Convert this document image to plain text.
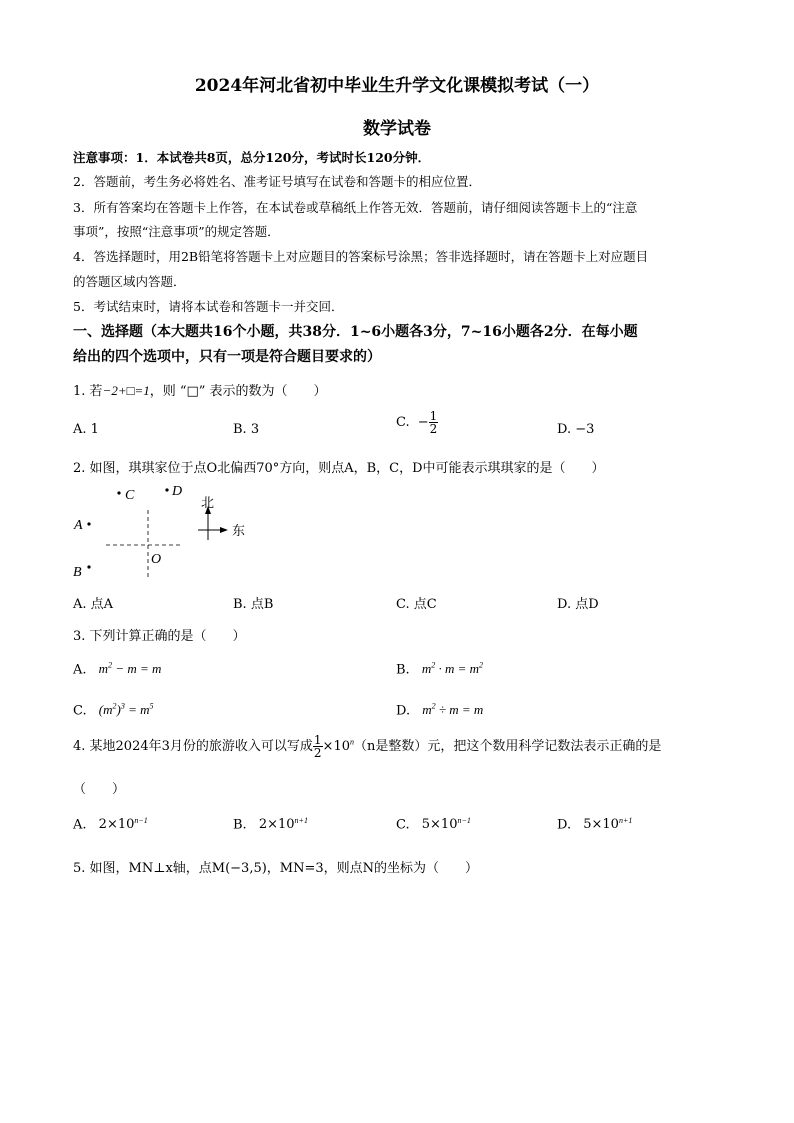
2024年河北省初中毕业生升学文化课模拟考试（一）
数学试卷
注意事项：1．本试卷共8页，总分120分，考试时长120分钟．
2．答题前，考生务必将姓名、准考证号填写在试卷和答题卡的相应位置．
3．所有答案均在答题卡上作答，在本试卷或草稿纸上作答无效．答题前，请仔细阅读答题卡上的“注意
事项”，按照“注意事项”的规定答题．
4．答选择题时，用2B铅笔将答题卡上对应题目的答案标号涂黑；答非选择题时，请在答题卡上对应题目
的答题区域内答题．
5．考试结束时，请将本试卷和答题卡一并交回．
一、选择题（本大题共16个小题，共38分．1~6小题各3分，7~16小题各2分．在每小题
给出的四个选项中，只有一项是符合题目要求的）
1. 若−2+□=1，则 “□” 表示的数为（　　）
A. 1	B. 3	C. − $\frac{1}{2}$	D. −3
2. 如图，琪琪家位于点O北偏西70°方向，则点A，B，C，D中可能表示琪琪家的是（　　）
C	D
A
B
O
北
东
A. 点A	B. 点B	C. 点C	D. 点D
3. 下列计算正确的是（　　）
A. $m^2 - m = m$	B. $m^2 \cdot m = m^2$
C. $(m^2)^3 = m^5$	D. $m^2 \div m = m$
4. 某地2024年3月份的旅游收入可以写成 $\frac{1}{2} \times 10^n(n$是整数）元，把这个数用科学记数法表示正确的是
（　　）
A. $2\times 10^{n-1}$	B. $2\times 10^{n+1}$	C. $5\times 10^{n-1}$	D. $5\times 10^{n+1}$
5. 如图，MN⊥x轴，点M(−3,5)，MN=3，则点N的坐标为（　　）
